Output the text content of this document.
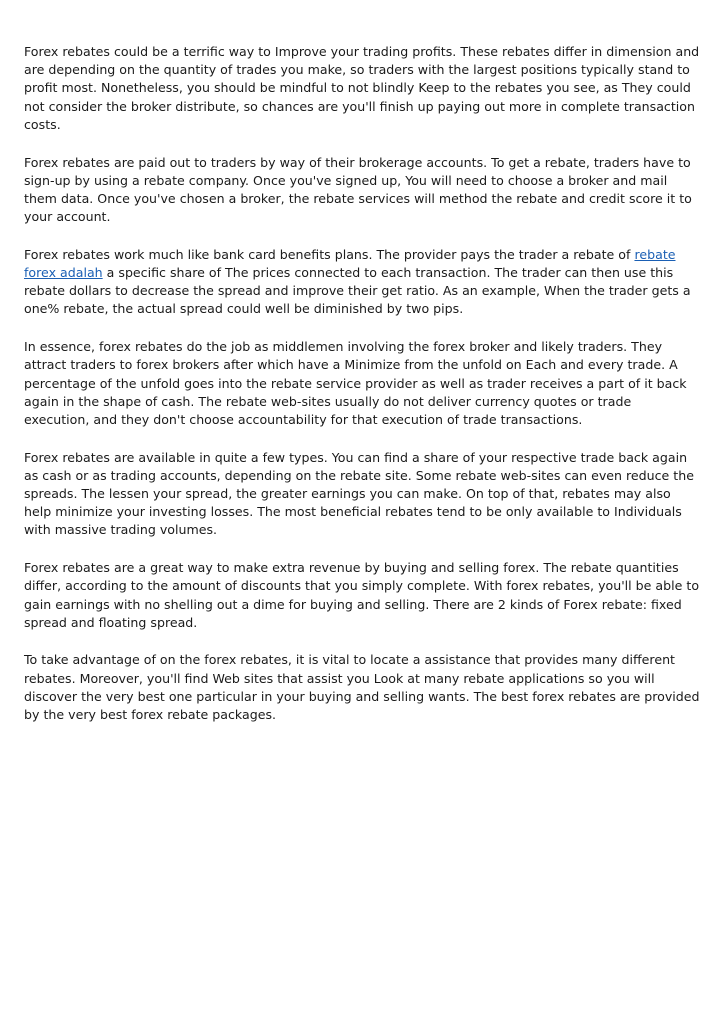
Forex rebates could be a terrific way to Improve your trading profits. These rebates differ in dimension and are depending on the quantity of trades you make, so traders with the largest positions typically stand to profit most. Nonetheless, you should be mindful to not blindly Keep to the rebates you see, as They could not consider the broker distribute, so chances are you'll finish up paying out more in complete transaction costs.

Forex rebates are paid out to traders by way of their brokerage accounts. To get a rebate, traders have to sign-up by using a rebate company. Once you've signed up, You will need to choose a broker and mail them data. Once you've chosen a broker, the rebate services will method the rebate and credit score it to your account.

Forex rebates work much like bank card benefits plans. The provider pays the trader a rebate of rebate forex adalah a specific share of The prices connected to each transaction. The trader can then use this rebate dollars to decrease the spread and improve their get ratio. As an example, When the trader gets a one% rebate, the actual spread could well be diminished by two pips.

In essence, forex rebates do the job as middlemen involving the forex broker and likely traders. They attract traders to forex brokers after which have a Minimize from the unfold on Each and every trade. A percentage of the unfold goes into the rebate service provider as well as trader receives a part of it back again in the shape of cash. The rebate web-sites usually do not deliver currency quotes or trade execution, and they don't choose accountability for that execution of trade transactions.

Forex rebates are available in quite a few types. You can find a share of your respective trade back again as cash or as trading accounts, depending on the rebate site. Some rebate web-sites can even reduce the spreads. The lessen your spread, the greater earnings you can make. On top of that, rebates may also help minimize your investing losses. The most beneficial rebates tend to be only available to Individuals with massive trading volumes.

Forex rebates are a great way to make extra revenue by buying and selling forex. The rebate quantities differ, according to the amount of discounts that you simply complete. With forex rebates, you'll be able to gain earnings with no shelling out a dime for buying and selling. There are 2 kinds of Forex rebate: fixed spread and floating spread.

To take advantage of on the forex rebates, it is vital to locate a assistance that provides many different rebates. Moreover, you'll find Web sites that assist you Look at many rebate applications so you will discover the very best one particular in your buying and selling wants. The best forex rebates are provided by the very best forex rebate packages.
